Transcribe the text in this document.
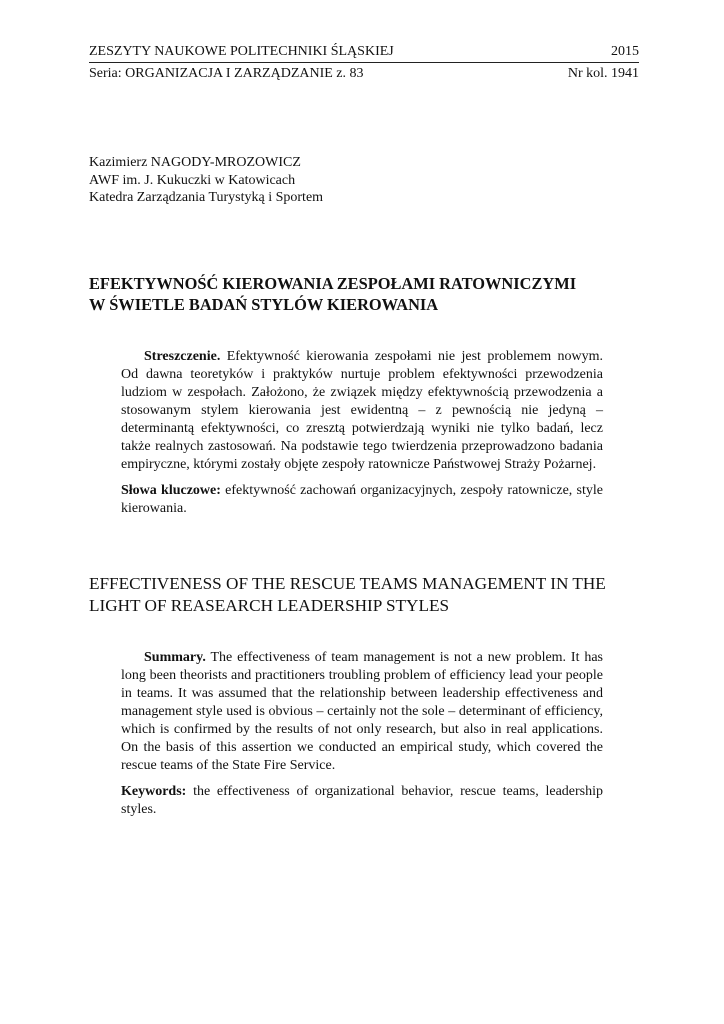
ZESZYTY NAUKOWE POLITECHNIKI ŚLĄSKIEJ	2015
Seria: ORGANIZACJA I ZARZĄDZANIE z. 83	Nr kol. 1941
Kazimierz NAGODY-MROZOWICZ
AWF im. J. Kukuczki w Katowicach
Katedra Zarządzania Turystyką i Sportem
EFEKTYWNOŚĆ KIEROWANIA ZESPOŁAMI RATOWNICZYMI
W ŚWIETLE BADAŃ STYLÓW KIEROWANIA

Streszczenie. Efektywność kierowania zespołami nie jest problemem nowym. Od dawna teoretyków i praktyków nurtuje problem efektywności przewodzenia ludziom w zespołach. Założono, że związek między efektywnością przewodzenia a stosowanym stylem kierowania jest ewidentną – z pewnością nie jedyną – determinantą efektywności, co zresztą potwierdzają wyniki nie tylko badań, lecz także realnych zastosowań. Na podstawie tego twierdzenia przeprowadzono badania empiryczne, którymi zostały objęte zespoły ratownicze Państwowej Straży Pożarnej.

Słowa kluczowe: efektywność zachowań organizacyjnych, zespoły ratownicze, style kierowania.

EFFECTIVENESS OF THE RESCUE TEAMS MANAGEMENT IN THE
LIGHT OF REASEARCH LEADERSHIP STYLES

Summary. The effectiveness of team management is not a new problem. It has long been theorists and practitioners troubling problem of efficiency lead your people in teams. It was assumed that the relationship between leadership effectiveness and management style used is obvious – certainly not the sole – determinant of efficiency, which is confirmed by the results of not only research, but also in real applications. On the basis of this assertion we conducted an empirical study, which covered the rescue teams of the State Fire Service.

Keywords: the effectiveness of organizational behavior, rescue teams, leadership styles.
